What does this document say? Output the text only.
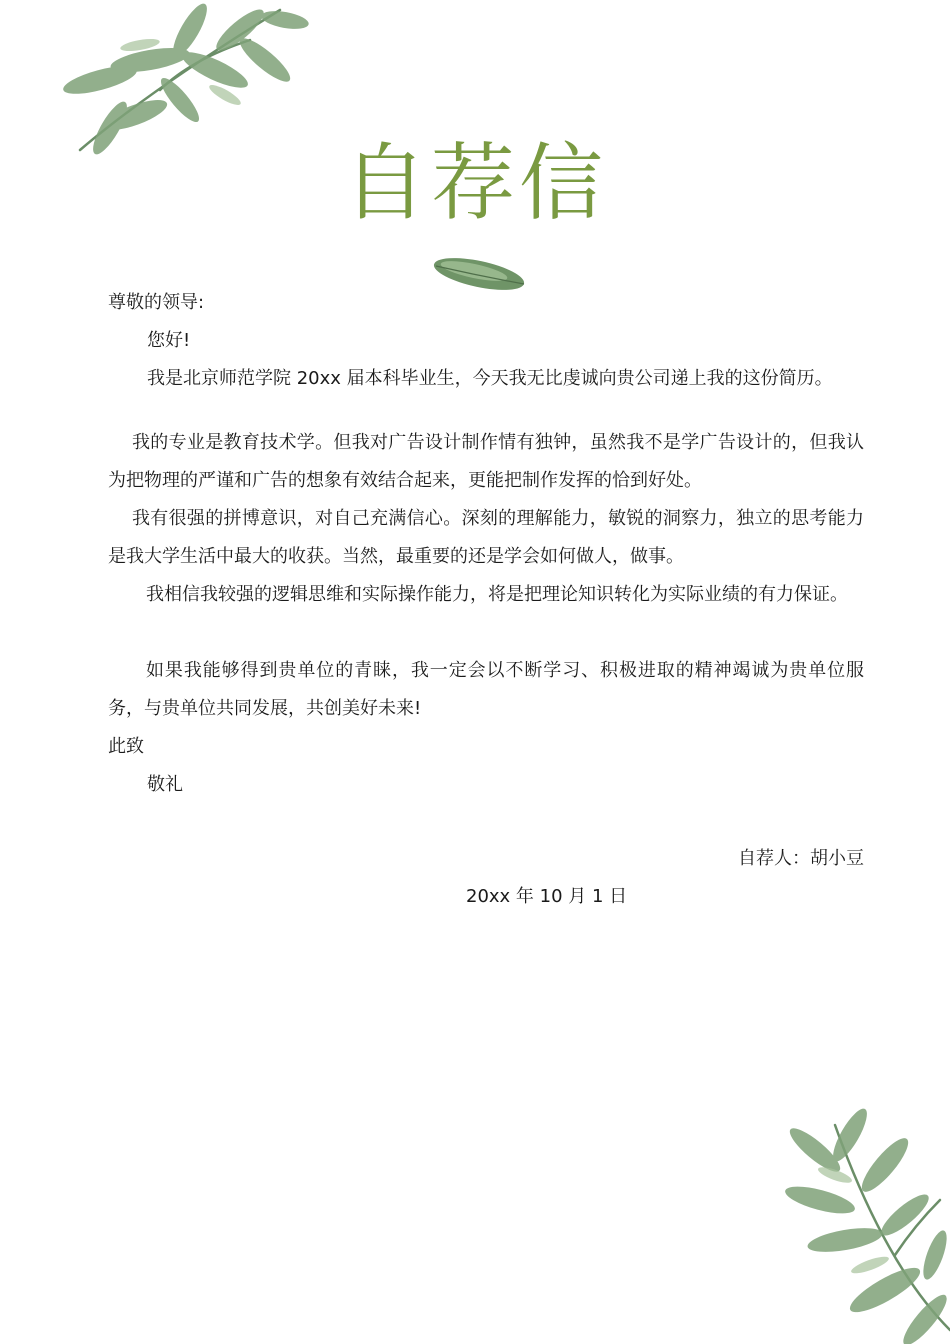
自荐信
尊敬的领导:
您好!
我是北京师范学院 20xx 届本科毕业生，今天我无比虔诚向贵公司递上我的这份简历。
我的专业是教育技术学。但我对广告设计制作情有独钟，虽然我不是学广告设计的，但我认为把物理的严谨和广告的想象有效结合起来，更能把制作发挥的恰到好处。
我有很强的拼博意识，对自己充满信心。深刻的理解能力，敏锐的洞察力，独立的思考能力是我大学生活中最大的收获。当然，最重要的还是学会如何做人，做事。
我相信我较强的逻辑思维和实际操作能力，将是把理论知识转化为实际业绩的有力保证。
如果我能够得到贵单位的青睐，我一定会以不断学习、积极进取的精神竭诚为贵单位服务，与贵单位共同发展，共创美好未来!
此致
敬礼
自荐人：胡小豆
20xx 年 10 月 1 日
